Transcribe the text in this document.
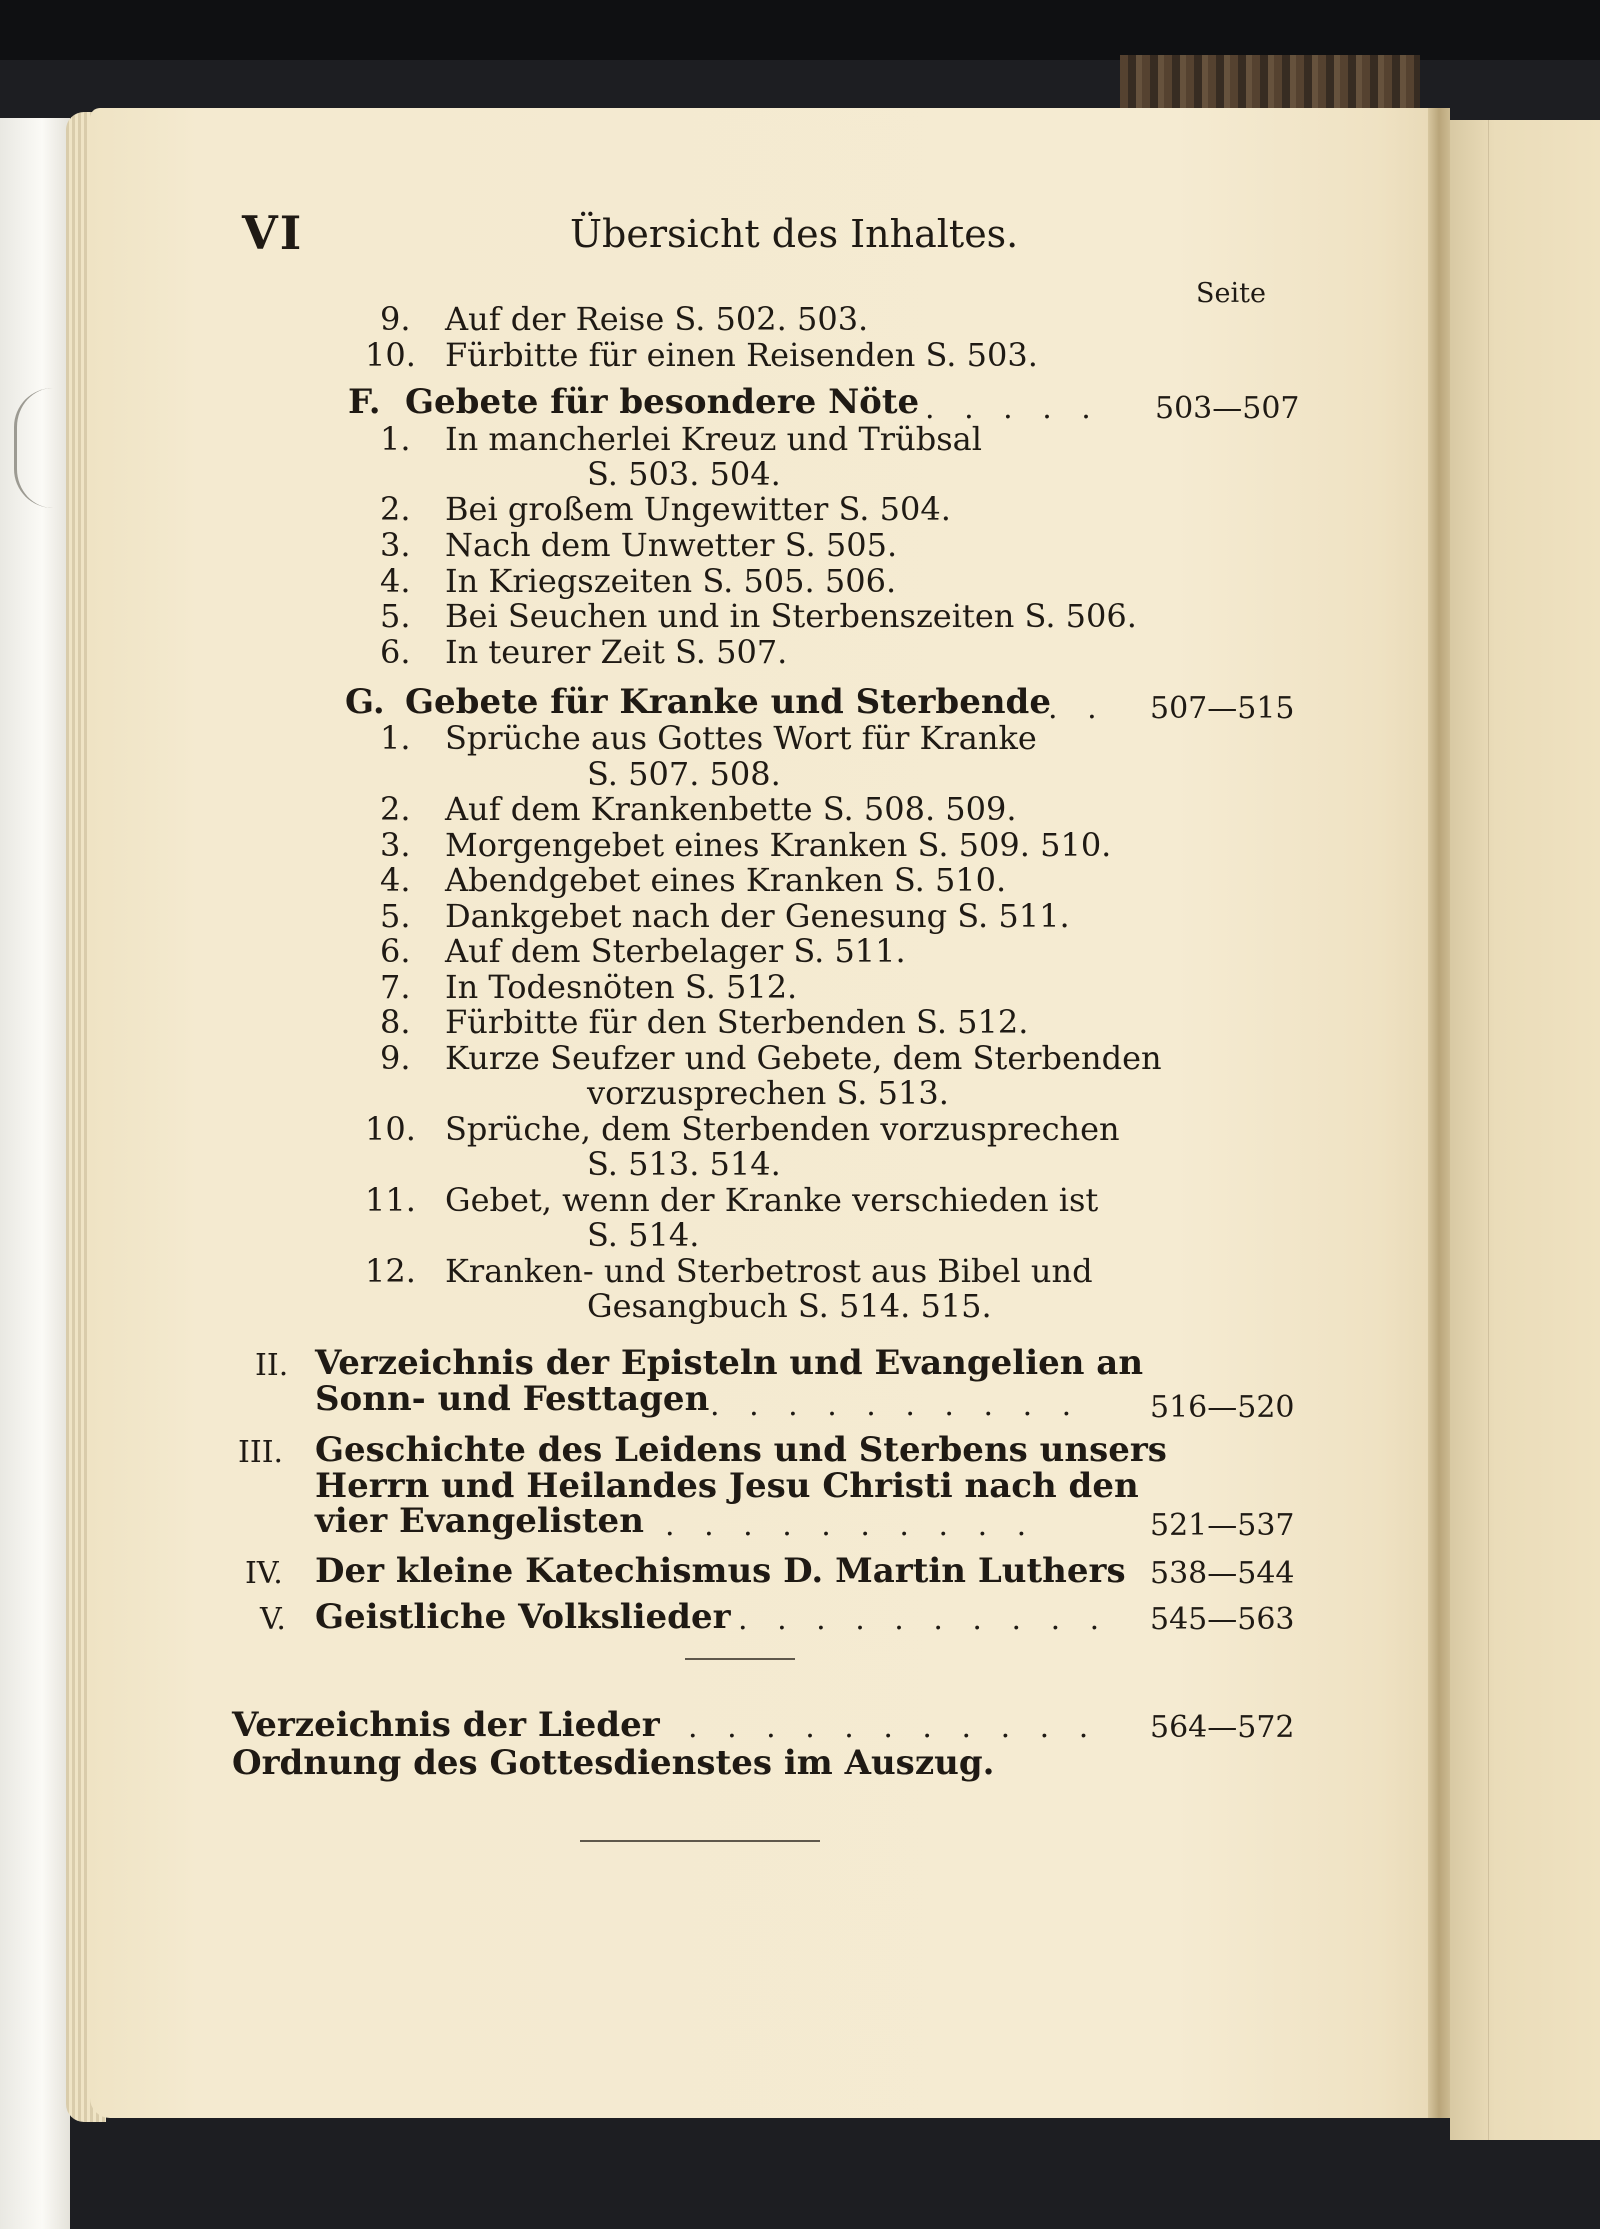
VI	Übersicht des Inhaltes.
Seite
9. Auf der Reise S. 502. 503.
10. Fürbitte für einen Reisenden S. 503.
F. Gebete für besondere Nöte . . . . . 503—507
1. In mancherlei Kreuz und Trübsal
S. 503. 504.
2. Bei großem Ungewitter S. 504.
3. Nach dem Unwetter S. 505.
4. In Kriegszeiten S. 505. 506.
5. Bei Seuchen und in Sterbenszeiten S. 506.
6. In teurer Zeit S. 507.
G. Gebete für Kranke und Sterbende
. . 507—515
1. Sprüche aus Gottes Wort für Kranke
S. 507. 508.
2. Auf dem Krankenbette S. 508. 509.
3. Morgengebet eines Kranken S. 509. 510.
4. Abendgebet eines Kranken S. 510.
5. Dankgebet nach der Genesung S. 511.
6. Auf dem Sterbelager S. 511.
7. In Todesnöten S. 512.
8. Fürbitte für den Sterbenden S. 512.
9. Kurze Seufzer und Gebete, dem Sterbenden
vorzusprechen S. 513.
10. Sprüche, dem Sterbenden vorzusprechen
S. 513. 514.
11. Gebet, wenn der Kranke verschieden ist
S. 514.
12. Kranken- und Sterbetrost aus Bibel und
Gesangbuch S. 514. 515.
II. Verzeichnis der Episteln und Evangelien an
Sonn- und Festtagen . . . . . . . . . . 516—520
III. Geschichte des Leidens und Sterbens unsers
Herrn und Heilandes Jesu Christi nach den
vier Evangelisten . . . . . . . . . .	521—537
IV. Der kleine Katechismus D. Martin Luthers 538—544
V. Geistliche Volkslieder . . . . . . . . . . 545—563
Verzeichnis der Lieder . . . . . . . . . . . 564—572
Ordnung des Gottesdienstes im Auszug.
